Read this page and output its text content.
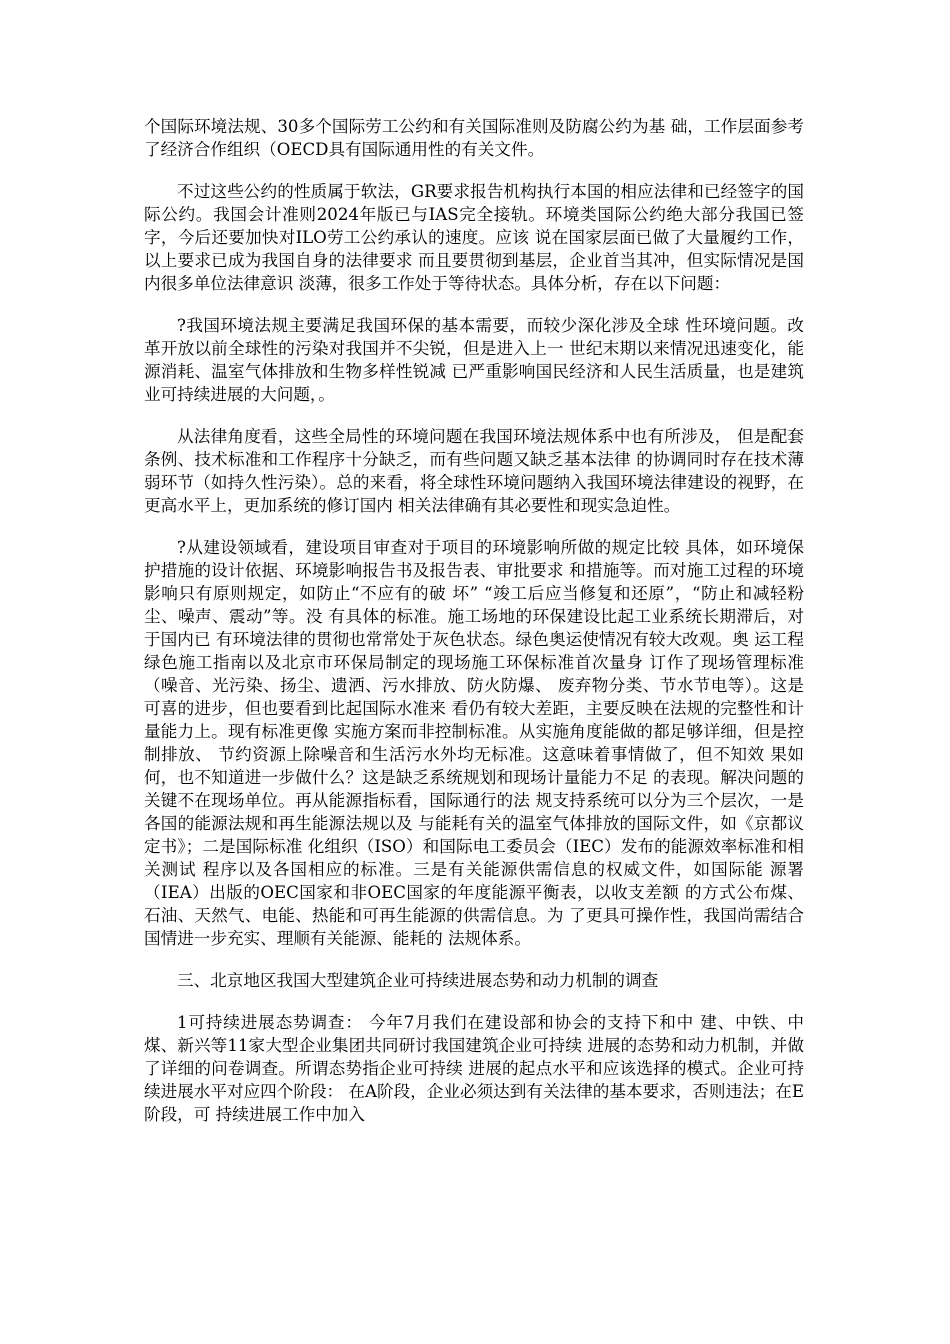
个国际环境法规、30多个国际劳工公约和有关国际准则及防腐公约为基 础，工作层面参考了经济合作组织（OECD具有国际通用性的有关文件。

不过这些公约的性质属于软法，GR要求报告机构执行本国的相应法律和已经签字的国际公约。我国会计准则2024年版已与IAS完全接轨。环境类国际公约绝大部分我国已签字，今后还要加快对ILO劳工公约承认的速度。应该 说在国家层面已做了大量履约工作，以上要求已成为我国自身的法律要求 而且要贯彻到基层，企业首当其冲，但实际情况是国内很多单位法律意识 淡薄，很多工作处于等待状态。具体分析，存在以下问题：

?我国环境法规主要满足我国环保的基本需要，而较少深化涉及全球 性环境问题。改革开放以前全球性的污染对我国并不尖锐，但是进入上一 世纪末期以来情况迅速变化，能源消耗、温室气体排放和生物多样性锐减 已严重影响国民经济和人民生活质量，也是建筑业可持续进展的大问题，。

从法律角度看，这些全局性的环境问题在我国环境法规体系中也有所涉及， 但是配套条例、技术标准和工作程序十分缺乏，而有些问题又缺乏基本法律 的协调同时存在技术薄弱环节（如持久性污染）。总的来看，将全球性环境问题纳入我国环境法律建设的视野，在更高水平上，更加系统的修订国内 相关法律确有其必要性和现实急迫性。

?从建设领域看，建设项目审查对于项目的环境影响所做的规定比较 具体，如环境保护措施的设计依据、环境影响报告书及报告表、审批要求 和措施等。而对施工过程的环境影响只有原则规定，如防止“不应有的破 坏” “竣工后应当修复和还原”，“防止和减轻粉尘、噪声、震动”等。没 有具体的标准。施工场地的环保建设比起工业系统长期滞后，对于国内已 有环境法律的贯彻也常常处于灰色状态。绿色奥运使情况有较大改观。奥 运工程绿色施工指南以及北京市环保局制定的现场施工环保标准首次量身 订作了现场管理标准（噪音、光污染、扬尘、遗洒、污水排放、防火防爆、 废弃物分类、节水节电等）。这是可喜的进步，但也要看到比起国际水准来 看仍有较大差距，主要反映在法规的完整性和计量能力上。现有标准更像 实施方案而非控制标准。从实施角度能做的都足够详细，但是控制排放、 节约资源上除噪音和生活污水外均无标准。这意味着事情做了，但不知效 果如何，也不知道进一步做什么？这是缺乏系统规划和现场计量能力不足 的表现。解决问题的关键不在现场单位。再从能源指标看，国际通行的法 规支持系统可以分为三个层次，一是各国的能源法规和再生能源法规以及 与能耗有关的温室气体排放的国际文件，如《京都议定书》；二是国际标准 化组织（ISO）和国际电工委员会（IEC）发布的能源效率标准和相关测试 程序以及各国相应的标准。三是有关能源供需信息的权威文件，如国际能 源署（IEA）出版的OEC国家和非OEC国家的年度能源平衡表，以收支差额 的方式公布煤、石油、天然气、电能、热能和可再生能源的供需信息。为 了更具可操作性，我国尚需结合国情进一步充实、理顺有关能源、能耗的 法规体系。

三、北京地区我国大型建筑企业可持续进展态势和动力机制的调查

1可持续进展态势调查： 今年7月我们在建设部和协会的支持下和中 建、中铁、中煤、新兴等11家大型企业集团共同研讨我国建筑企业可持续 进展的态势和动力机制，并做了详细的问卷调查。所谓态势指企业可持续 进展的起点水平和应该选择的模式。企业可持续进展水平对应四个阶段： 在A阶段，企业必须达到有关法律的基本要求，否则违法；在E阶段，可 持续进展工作中加入
